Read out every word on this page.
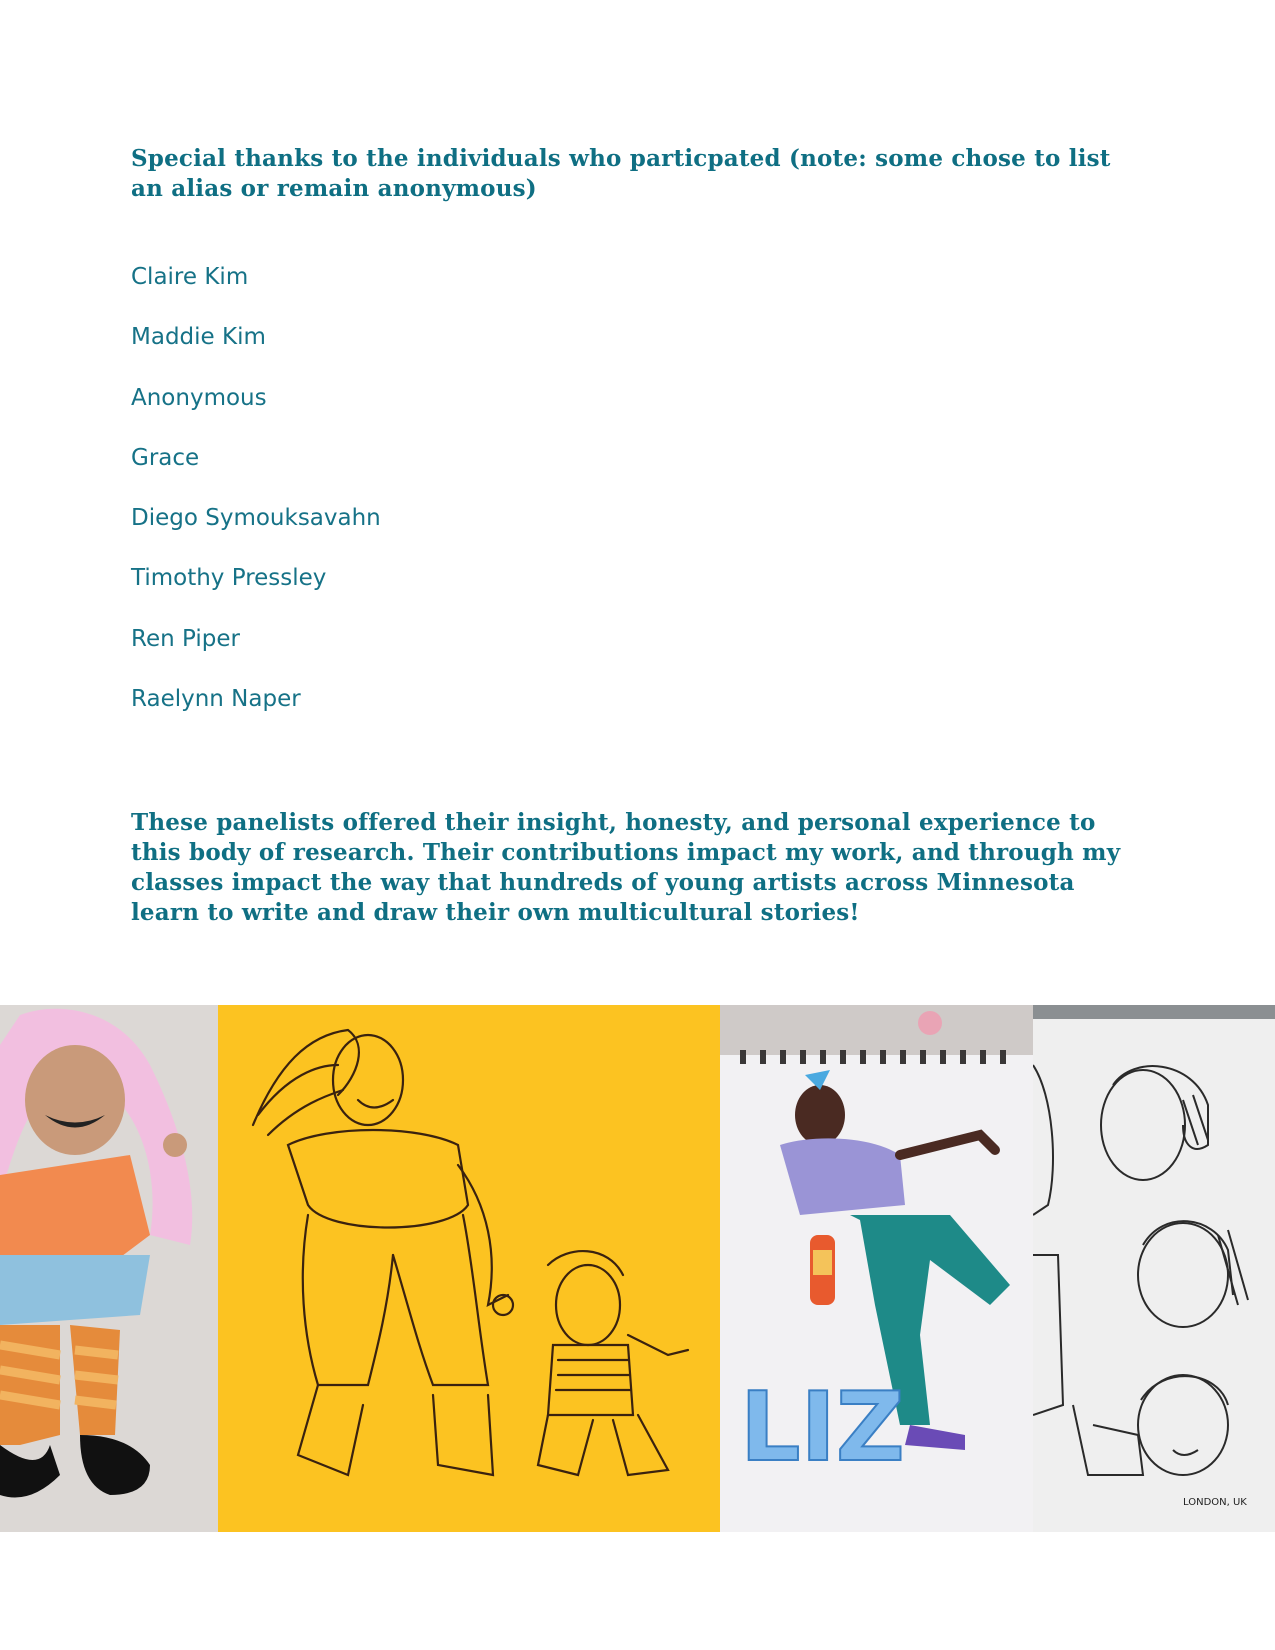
Special thanks to the individuals who particpated (note: some chose to list an alias or remain anonymous)
Claire Kim
Maddie Kim
Anonymous
Grace
Diego Symouksavahn
Timothy Pressley
Ren Piper
Raelynn Naper

These panelists offered their insight, honesty, and personal experience to this body of research. Their contributions impact my work, and through my classes impact the way that hundreds of young artists across Minnesota learn to write and draw their own multicultural stories!

LIZ
LONDON, UK
